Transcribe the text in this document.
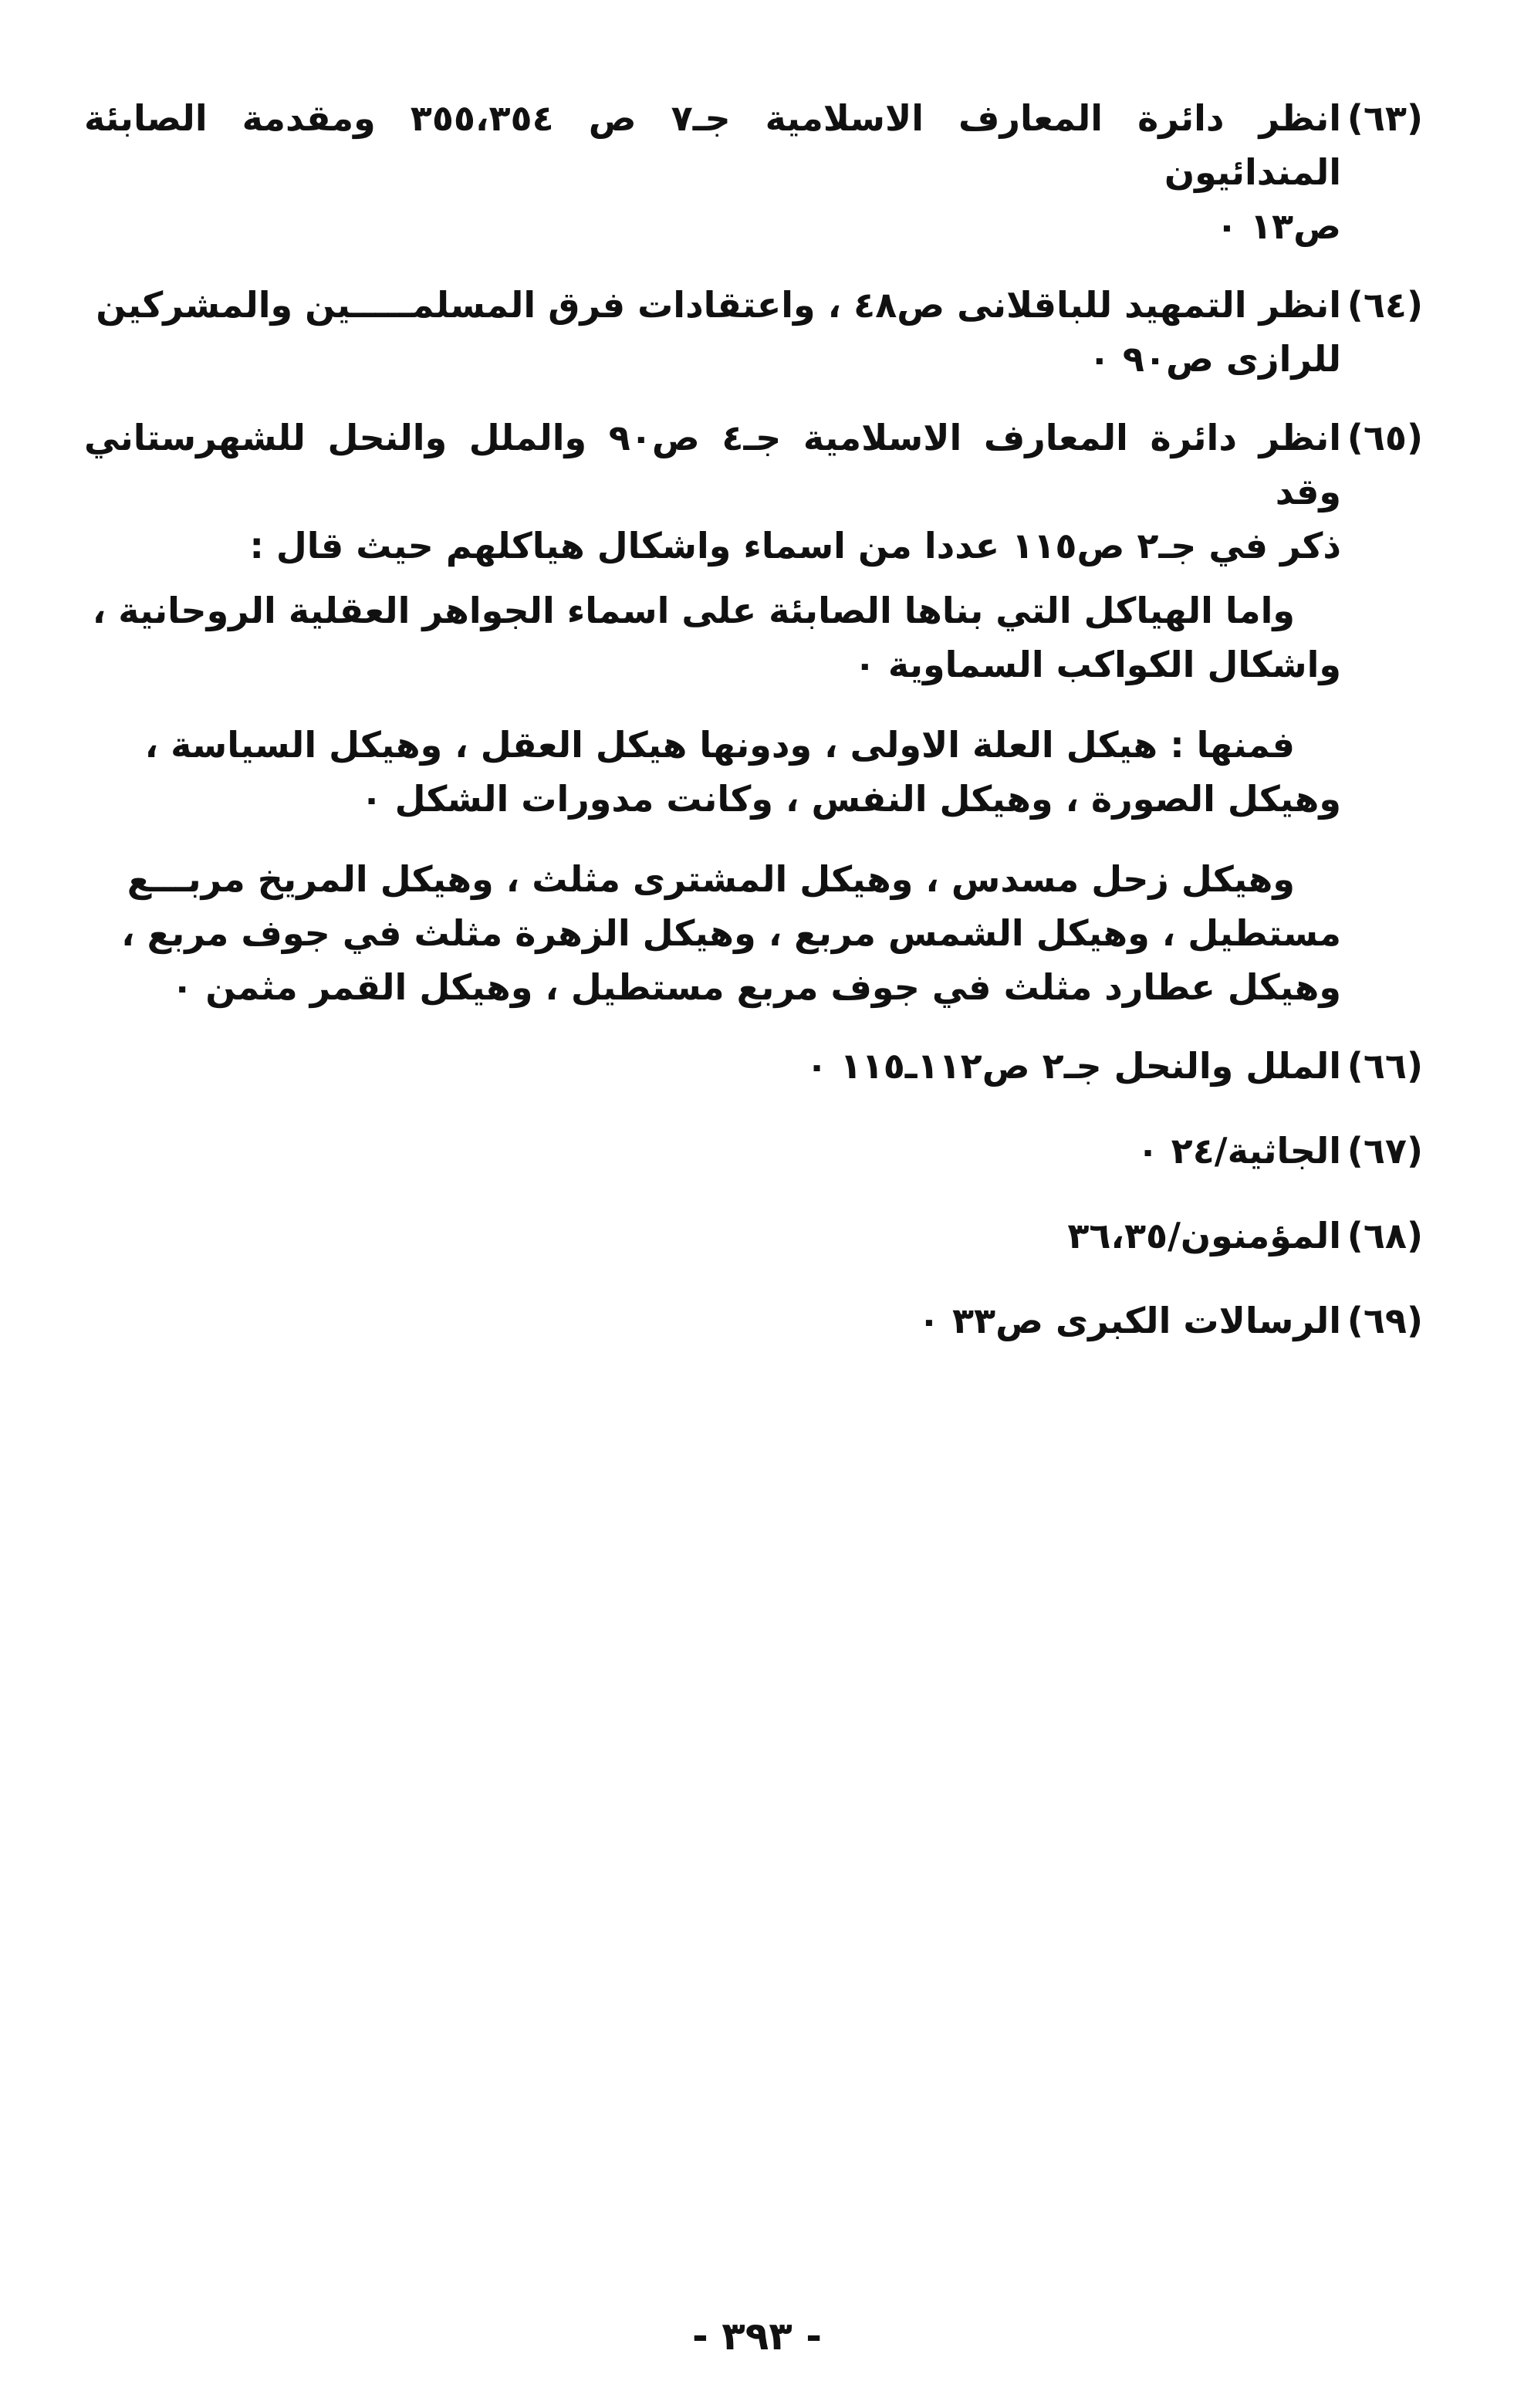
(٦٣)
انظر دائرة المعارف الاسلامية جـ٧ ص ٣٥٥،٣٥٤ ومقدمة الصابئة المندائيون
ص١٣ ٠
(٦٤)
انظر التمهيد للباقلانى ص٤٨ ، واعتقادات فرق المسلمـــــين والمشركين
للرازى ص٩٠ ٠
(٦٥)
انظر دائرة المعارف الاسلامية جـ٤ ص٩٠ والملل والنحل للشهرستاني وقد
ذكر في جـ٢ ص١١٥ عددا من اسماء واشكال هياكلهم حيث قال :
واما الهياكل التي بناها الصابئة على اسماء الجواهر العقلية الروحانية ،
واشكال الكواكب السماوية ٠
فمنها : هيكل العلة الاولى ، ودونها هيكل العقل ، وهيكل السياسة ،
وهيكل الصورة ، وهيكل النفس ، وكانت مدورات الشكل ٠
وهيكل زحل مسدس ، وهيكل المشترى مثلث ، وهيكل المريخ مربـــع
مستطيل ، وهيكل الشمس مربع ، وهيكل الزهرة مثلث في جوف مربع ،
وهيكل عطارد مثلث في جوف مربع مستطيل ، وهيكل القمر مثمن ٠
(٦٦)
الملل والنحل جـ٢ ص١١٢ـ١١٥ ٠
(٦٧)
الجاثية/٢٤ ٠
(٦٨)
المؤمنون/٣٦،٣٥
(٦٩)
الرسالات الكبرى ص٣٣ ٠
- ٣٩٣ -
